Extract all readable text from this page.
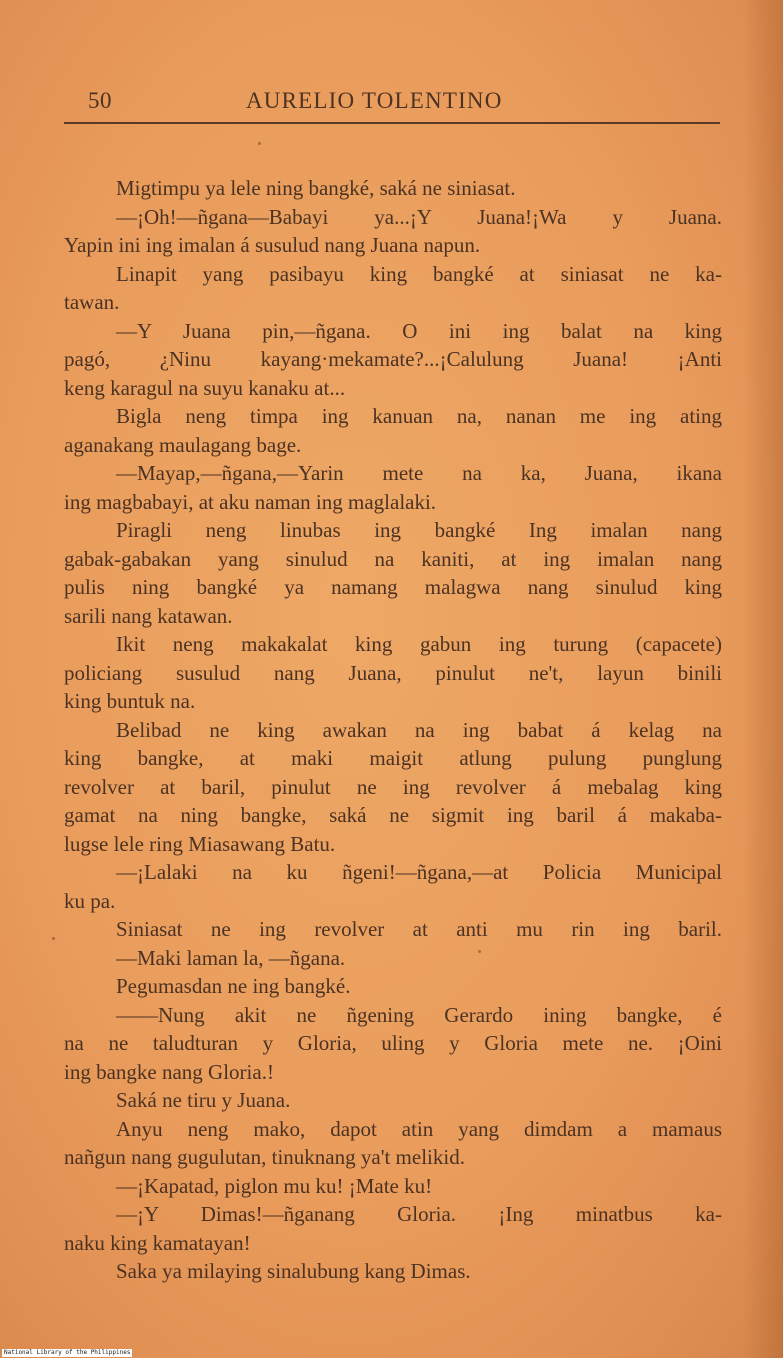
50	AURELIO TOLENTINO
Migtimpu ya lele ning bangké, saká ne siniasat.
—¡Oh!—ñgana—Babayi ya...¡Y Juana!¡Wa y Juana.
Yapin ini ing imalan á susulud nang Juana napun.
Linapit yang pasibayu king bangké at siniasat ne ka-
tawan.
—Y Juana pin,—ñgana. O ini ing balat na king
pagó, ¿Ninu kayang·mekamate?...¡Calulung Juana! ¡Anti
keng karagul na suyu kanaku at...
Bigla neng timpa ing kanuan na, nanan me ing ating
aganakang maulagang bage.
—Mayap,—ñgana,—Yarin mete na ka, Juana, ikana
ing magbabayi, at aku naman ing maglalaki.
Piragli neng linubas ing bangké Ing imalan nang
gabak-gabakan yang sinulud na kaniti, at ing imalan nang
pulis ning bangké ya namang malagwa nang sinulud king
sarili nang katawan.
Ikit neng makakalat king gabun ing turung (capacete)
policiang susulud nang Juana, pinulut ne't, layun binili
king buntuk na.
Belibad ne king awakan na ing babat á kelag na
king bangke, at maki maigit atlung pulung punglung
revolver at baril, pinulut ne ing revolver á mebalag king
gamat na ning bangke, saká ne sigmit ing baril á makaba-
lugse lele ring Miasawang Batu.
—¡Lalaki na ku ñgeni!—ñgana,—at Policia Municipal
ku pa.
Siniasat ne ing revolver at anti mu rin ing baril.
—Maki laman la, —ñgana.
Pegumasdan ne ing bangké.
——Nung akit ne ñgening Gerardo ining bangke, é
na ne taludturan y Gloria, uling y Gloria mete ne. ¡Oini
ing bangke nang Gloria.!
Saká ne tiru y Juana.
Anyu neng mako, dapot atin yang dimdam a mamaus
nañgun nang gugulutan, tinuknang ya't melikid.
—¡Kapatad, piglon mu ku! ¡Mate ku!
—¡Y Dimas!—ñganang Gloria. ¡Ing minatbus ka-
naku king kamatayan!
Saka ya milaying sinalubung kang Dimas.
National Library of the Philippines
